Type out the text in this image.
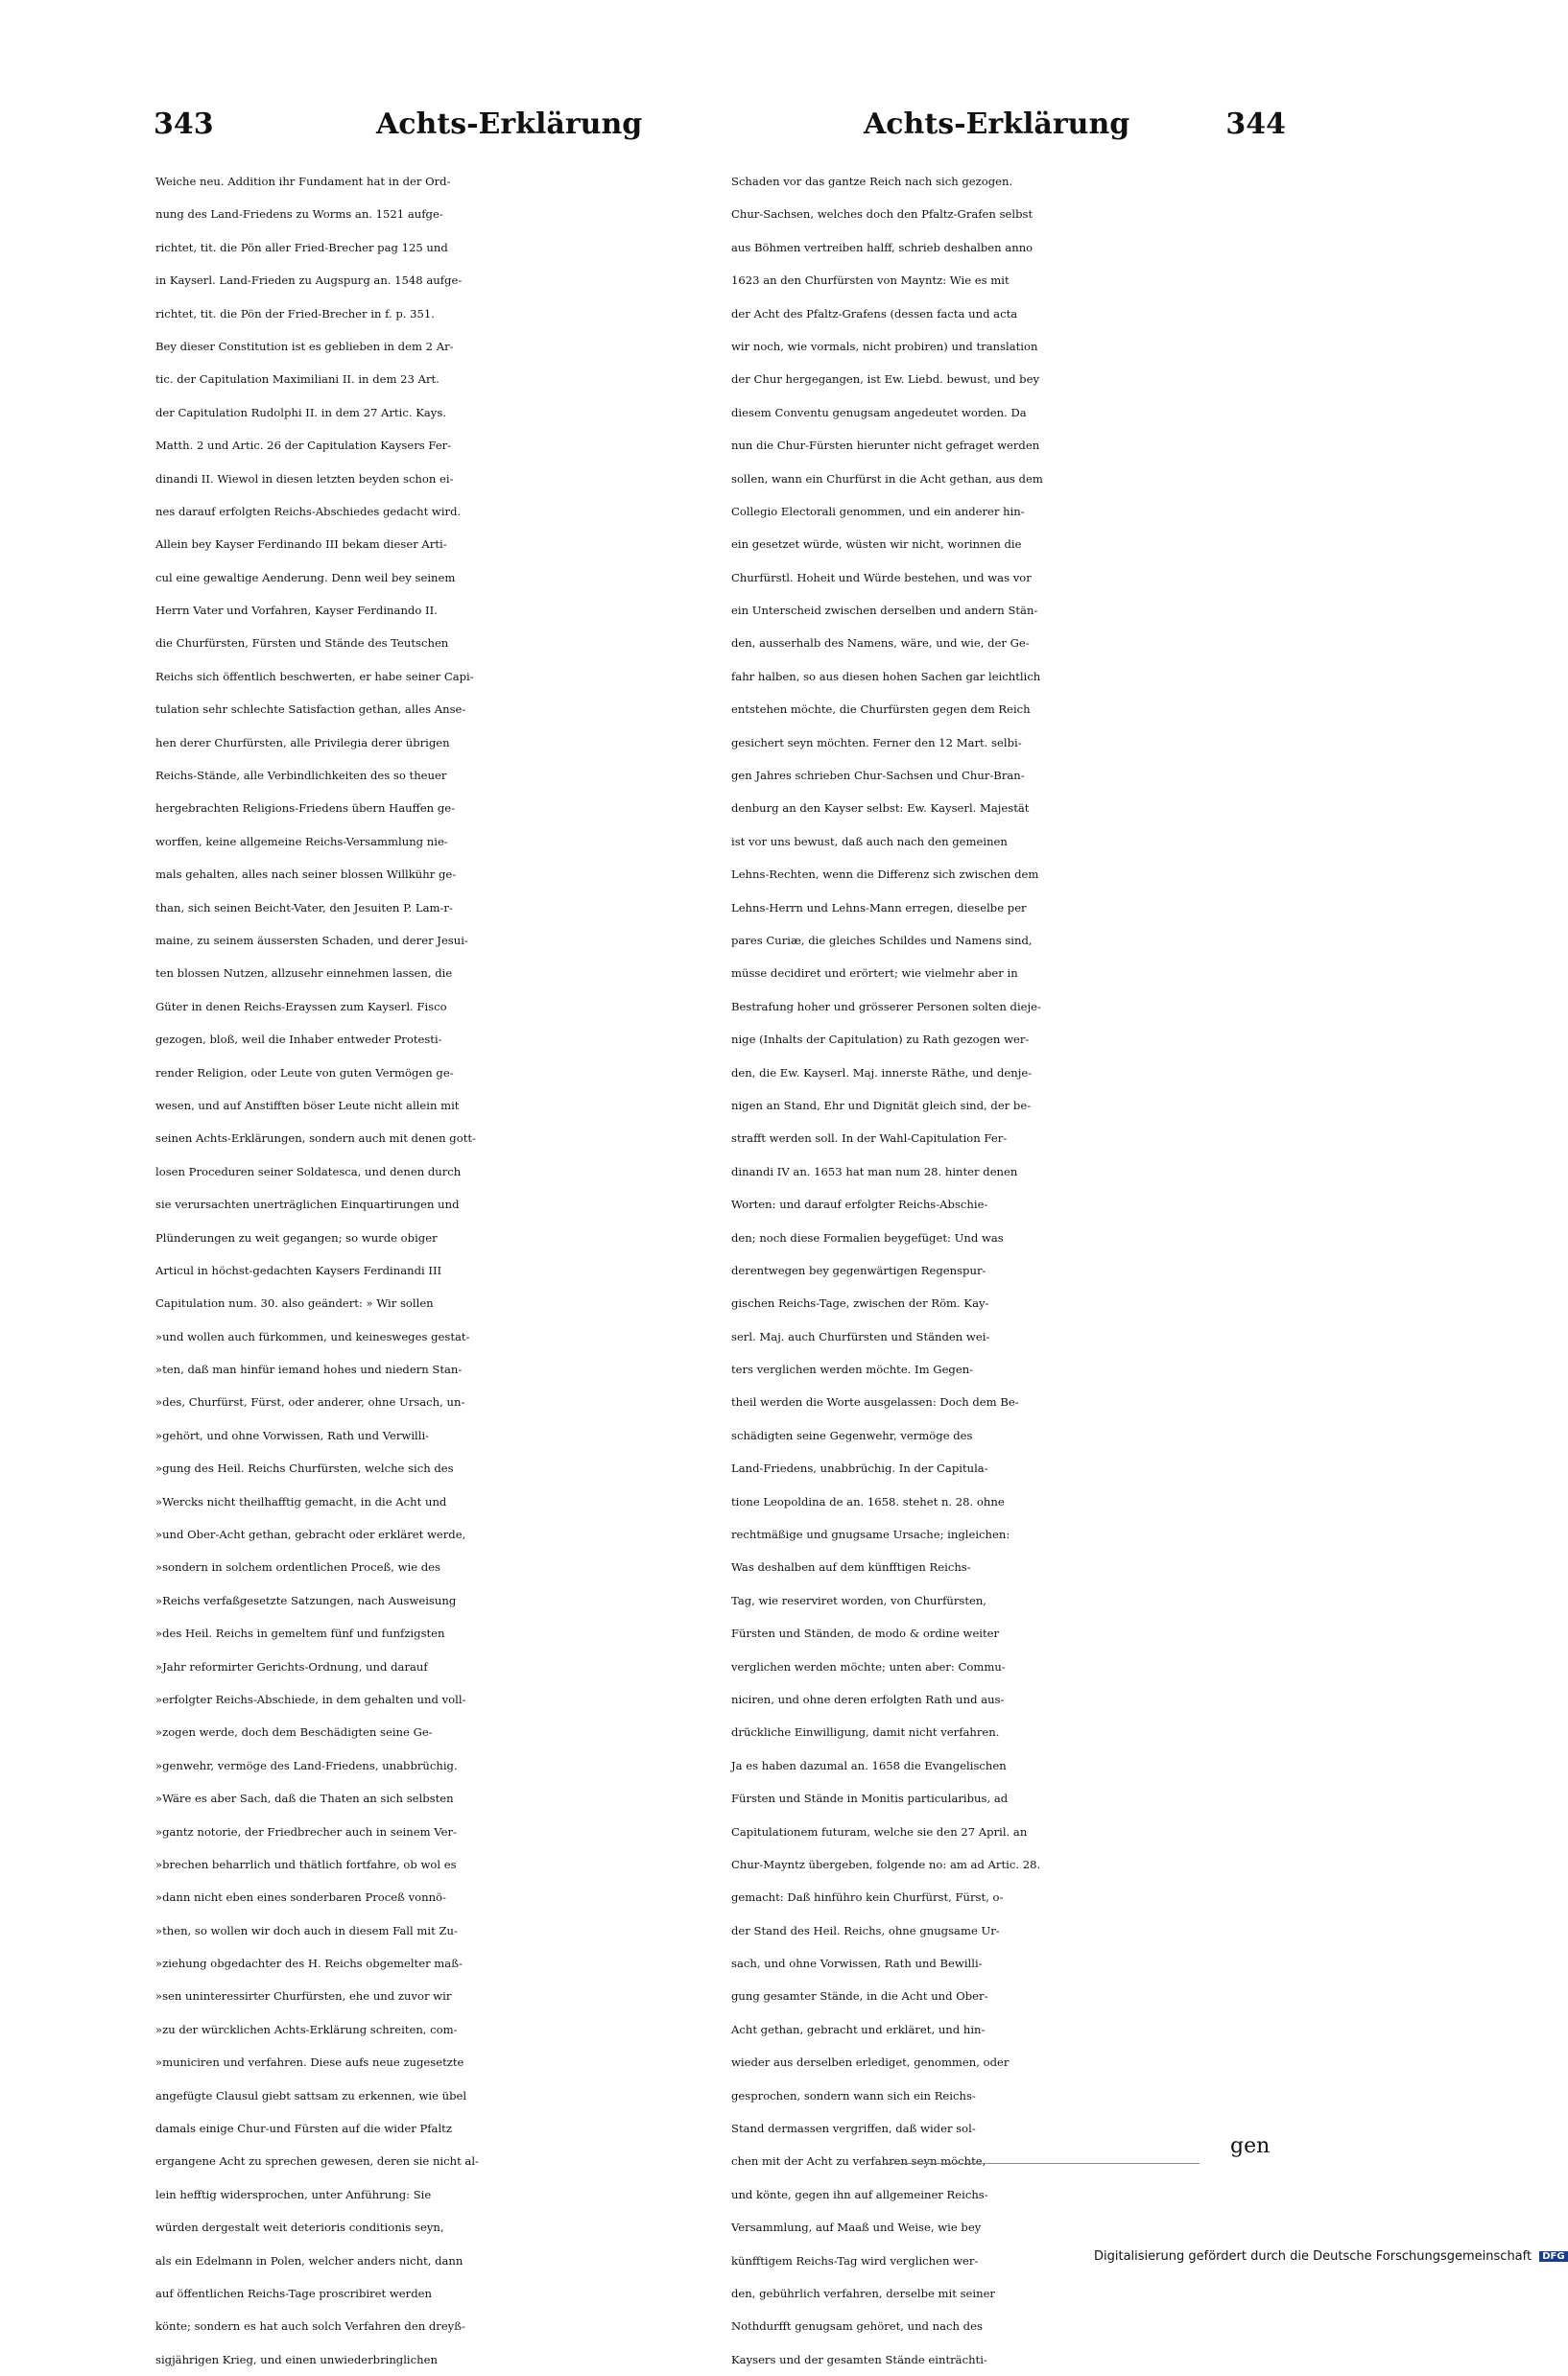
343	Achts-Erklärung	Achts-Erklärung	344
Weiche neu. Addition ihr Fundament hat in der Ord-
nung des Land-Friedens zu Worms an. 1521 aufge-
richtet, tit. die Pön aller Fried-Brecher pag 125 und
in Kayserl. Land-Frieden zu Augspurg an. 1548 aufge-
richtet, tit. die Pön der Fried-Brecher in f. p. 351.
Bey dieser Constitution ist es geblieben in dem 2 Ar-
tic. der Capitulation Maximiliani II. in dem 23 Art.
der Capitulation Rudolphi II. in dem 27 Artic. Kays.
Matth. 2 und Artic. 26 der Capitulation Kaysers Fer-
dinandi II. Wiewol in diesen letzten beyden schon ei-
nes darauf erfolgten Reichs-Abschiedes gedacht wird.
Allein bey Kayser Ferdinando III bekam dieser Arti-
cul eine gewaltige Aenderung. Denn weil bey seinem
Herrn Vater und Vorfahren, Kayser Ferdinando II.
die Churfürsten, Fürsten und Stände des Teutschen
Reichs sich öffentlich beschwerten, er habe seiner Capi-
tulation sehr schlechte Satisfaction gethan, alles Anse-
hen derer Churfürsten, alle Privilegia derer übrigen
Reichs-Stände, alle Verbindlichkeiten des so theuer
hergebrachten Religions-Friedens übern Hauffen ge-
worffen, keine allgemeine Reichs-Versammlung nie-
mals gehalten, alles nach seiner blossen Willkühr ge-
than, sich seinen Beicht-Vater, den Jesuiten P. Lam-r-
maine, zu seinem äussersten Schaden, und derer Jesui-
ten blossen Nutzen, allzusehr einnehmen lassen, die
Güter in denen Reichs-Erayssen zum Kayserl. Fisco
gezogen, bloß, weil die Inhaber entweder Protesti-
render Religion, oder Leute von guten Vermögen ge-
wesen, und auf Anstifften böser Leute nicht allein mit
seinen Achts-Erklärungen, sondern auch mit denen gott-
losen Proceduren seiner Soldatesca, und denen durch
sie verursachten unerträglichen Einquartirungen und
Plünderungen zu weit gegangen; so wurde obiger
Articul in höchst-gedachten Kaysers Ferdinandi III
Capitulation num. 30. also geändert: » Wir sollen
»und wollen auch fürkommen, und keinesweges gestat-
»ten, daß man hinfür iemand hohes und niedern Stan-
»des, Churfürst, Fürst, oder anderer, ohne Ursach, un-
»gehört, und ohne Vorwissen, Rath und Verwilli-
»gung des Heil. Reichs Churfürsten, welche sich des
»Wercks nicht theilhafftig gemacht, in die Acht und
»und Ober-Acht gethan, gebracht oder erkläret werde,
»sondern in solchem ordentlichen Proceß, wie des
»Reichs verfaßgesetzte Satzungen, nach Ausweisung
»des Heil. Reichs in gemeltem fünf und funfzigsten
»Jahr reformirter Gerichts-Ordnung, und darauf
»erfolgter Reichs-Abschiede, in dem gehalten und voll-
»zogen werde, doch dem Beschädigten seine Ge-
»genwehr, vermöge des Land-Friedens, unabbrüchig.
»Wäre es aber Sach, daß die Thaten an sich selbsten
»gantz notorie, der Friedbrecher auch in seinem Ver-
»brechen beharrlich und thätlich fortfahre, ob wol es
»dann nicht eben eines sonderbaren Proceß vonnö-
»then, so wollen wir doch auch in diesem Fall mit Zu-
»ziehung obgedachter des H. Reichs obgemelter maß-
»sen uninteressirter Churfürsten, ehe und zuvor wir
»zu der würcklichen Achts-Erklärung schreiten, com-
»municiren und verfahren. Diese aufs neue zugesetzte
angefügte Clausul giebt sattsam zu erkennen, wie übel
damals einige Chur-und Fürsten auf die wider Pfaltz
ergangene Acht zu sprechen gewesen, deren sie nicht al-
lein hefftig widersprochen, unter Anführung: Sie
würden dergestalt weit deterioris conditionis seyn,
als ein Edelmann in Polen, welcher anders nicht, dann
auf öffentlichen Reichs-Tage proscribiret werden
könte; sondern es hat auch solch Verfahren den dreyß-
sigjährigen Krieg, und einen unwiederbringlichen
Schaden vor das gantze Reich nach sich gezogen.
Chur-Sachsen, welches doch den Pfaltz-Grafen selbst
aus Böhmen vertreiben halff, schrieb deshalben anno
1623 an den Churfürsten von Mayntz: Wie es mit
der Acht des Pfaltz-Grafens (dessen facta und acta
wir noch, wie vormals, nicht probiren) und translation
der Chur hergegangen, ist Ew. Liebd. bewust, und bey
diesem Conventu genugsam angedeutet worden. Da
nun die Chur-Fürsten hierunter nicht gefraget werden
sollen, wann ein Churfürst in die Acht gethan, aus dem
Collegio Electorali genommen, und ein anderer hin-
ein gesetzet würde, wüsten wir nicht, worinnen die
Churfürstl. Hoheit und Würde bestehen, und was vor
ein Unterscheid zwischen derselben und andern Stän-
den, ausserhalb des Namens, wäre, und wie, der Ge-
fahr halben, so aus diesen hohen Sachen gar leichtlich
entstehen möchte, die Churfürsten gegen dem Reich
gesichert seyn möchten. Ferner den 12 Mart. selbi-
gen Jahres schrieben Chur-Sachsen und Chur-Bran-
denburg an den Kayser selbst: Ew. Kayserl. Majestät
ist vor uns bewust, daß auch nach den gemeinen
Lehns-Rechten, wenn die Differenz sich zwischen dem
Lehns-Herrn und Lehns-Mann erregen, dieselbe per
pares Curiæ, die gleiches Schildes und Namens sind,
müsse decidiret und erörtert; wie vielmehr aber in
Bestrafung hoher und grösserer Personen solten dieje-
nige (Inhalts der Capitulation) zu Rath gezogen wer-
den, die Ew. Kayserl. Maj. innerste Räthe, und denje-
nigen an Stand, Ehr und Dignität gleich sind, der be-
strafft werden soll. In der Wahl-Capitulation Fer-
dinandi IV an. 1653 hat man num 28. hinter denen
Worten: und darauf erfolgter Reichs-Abschie-
den; noch diese Formalien beygefüget: Und was
derentwegen bey gegenwärtigen Regenspur-
gischen Reichs-Tage, zwischen der Röm. Kay-
serl. Maj. auch Churfürsten und Ständen wei-
ters verglichen werden möchte. Im Gegen-
theil werden die Worte ausgelassen: Doch dem Be-
schädigten seine Gegenwehr, vermöge des
Land-Friedens, unabbrüchig. In der Capitula-
tione Leopoldina de an. 1658. stehet n. 28. ohne
rechtmäßige und gnugsame Ursache; ingleichen:
Was deshalben auf dem künfftigen Reichs-
Tag, wie reserviret worden, von Churfürsten,
Fürsten und Ständen, de modo & ordine weiter
verglichen werden möchte; unten aber: Commu-
niciren, und ohne deren erfolgten Rath und aus-
drückliche Einwilligung, damit nicht verfahren.
Ja es haben dazumal an. 1658 die Evangelischen
Fürsten und Stände in Monitis particularibus, ad
Capitulationem futuram, welche sie den 27 April. an
Chur-Mayntz übergeben, folgende no: am ad Artic. 28.
gemacht: Daß hinführo kein Churfürst, Fürst, o-
der Stand des Heil. Reichs, ohne gnugsame Ur-
sach, und ohne Vorwissen, Rath und Bewilli-
gung gesamter Stände, in die Acht und Ober-
Acht gethan, gebracht und erkläret, und hin-
wieder aus derselben erlediget, genommen, oder
gesprochen, sondern wann sich ein Reichs-
Stand dermassen vergriffen, daß wider sol-
chen mit der Acht zu verfahren seyn möchte,
und könte, gegen ihn auf allgemeiner Reichs-
Versammlung, auf Maaß und Weise, wie bey
künfftigem Reichs-Tag wird verglichen wer-
den, gebührlich verfahren, derselbe mit seiner
Nothdurfft genugsam gehöret, und nach des
Kaysers und der gesamten Stände einträchti-
gen
Digitalisierung gefördert durch die Deutsche Forschungsgemeinschaft DFG
